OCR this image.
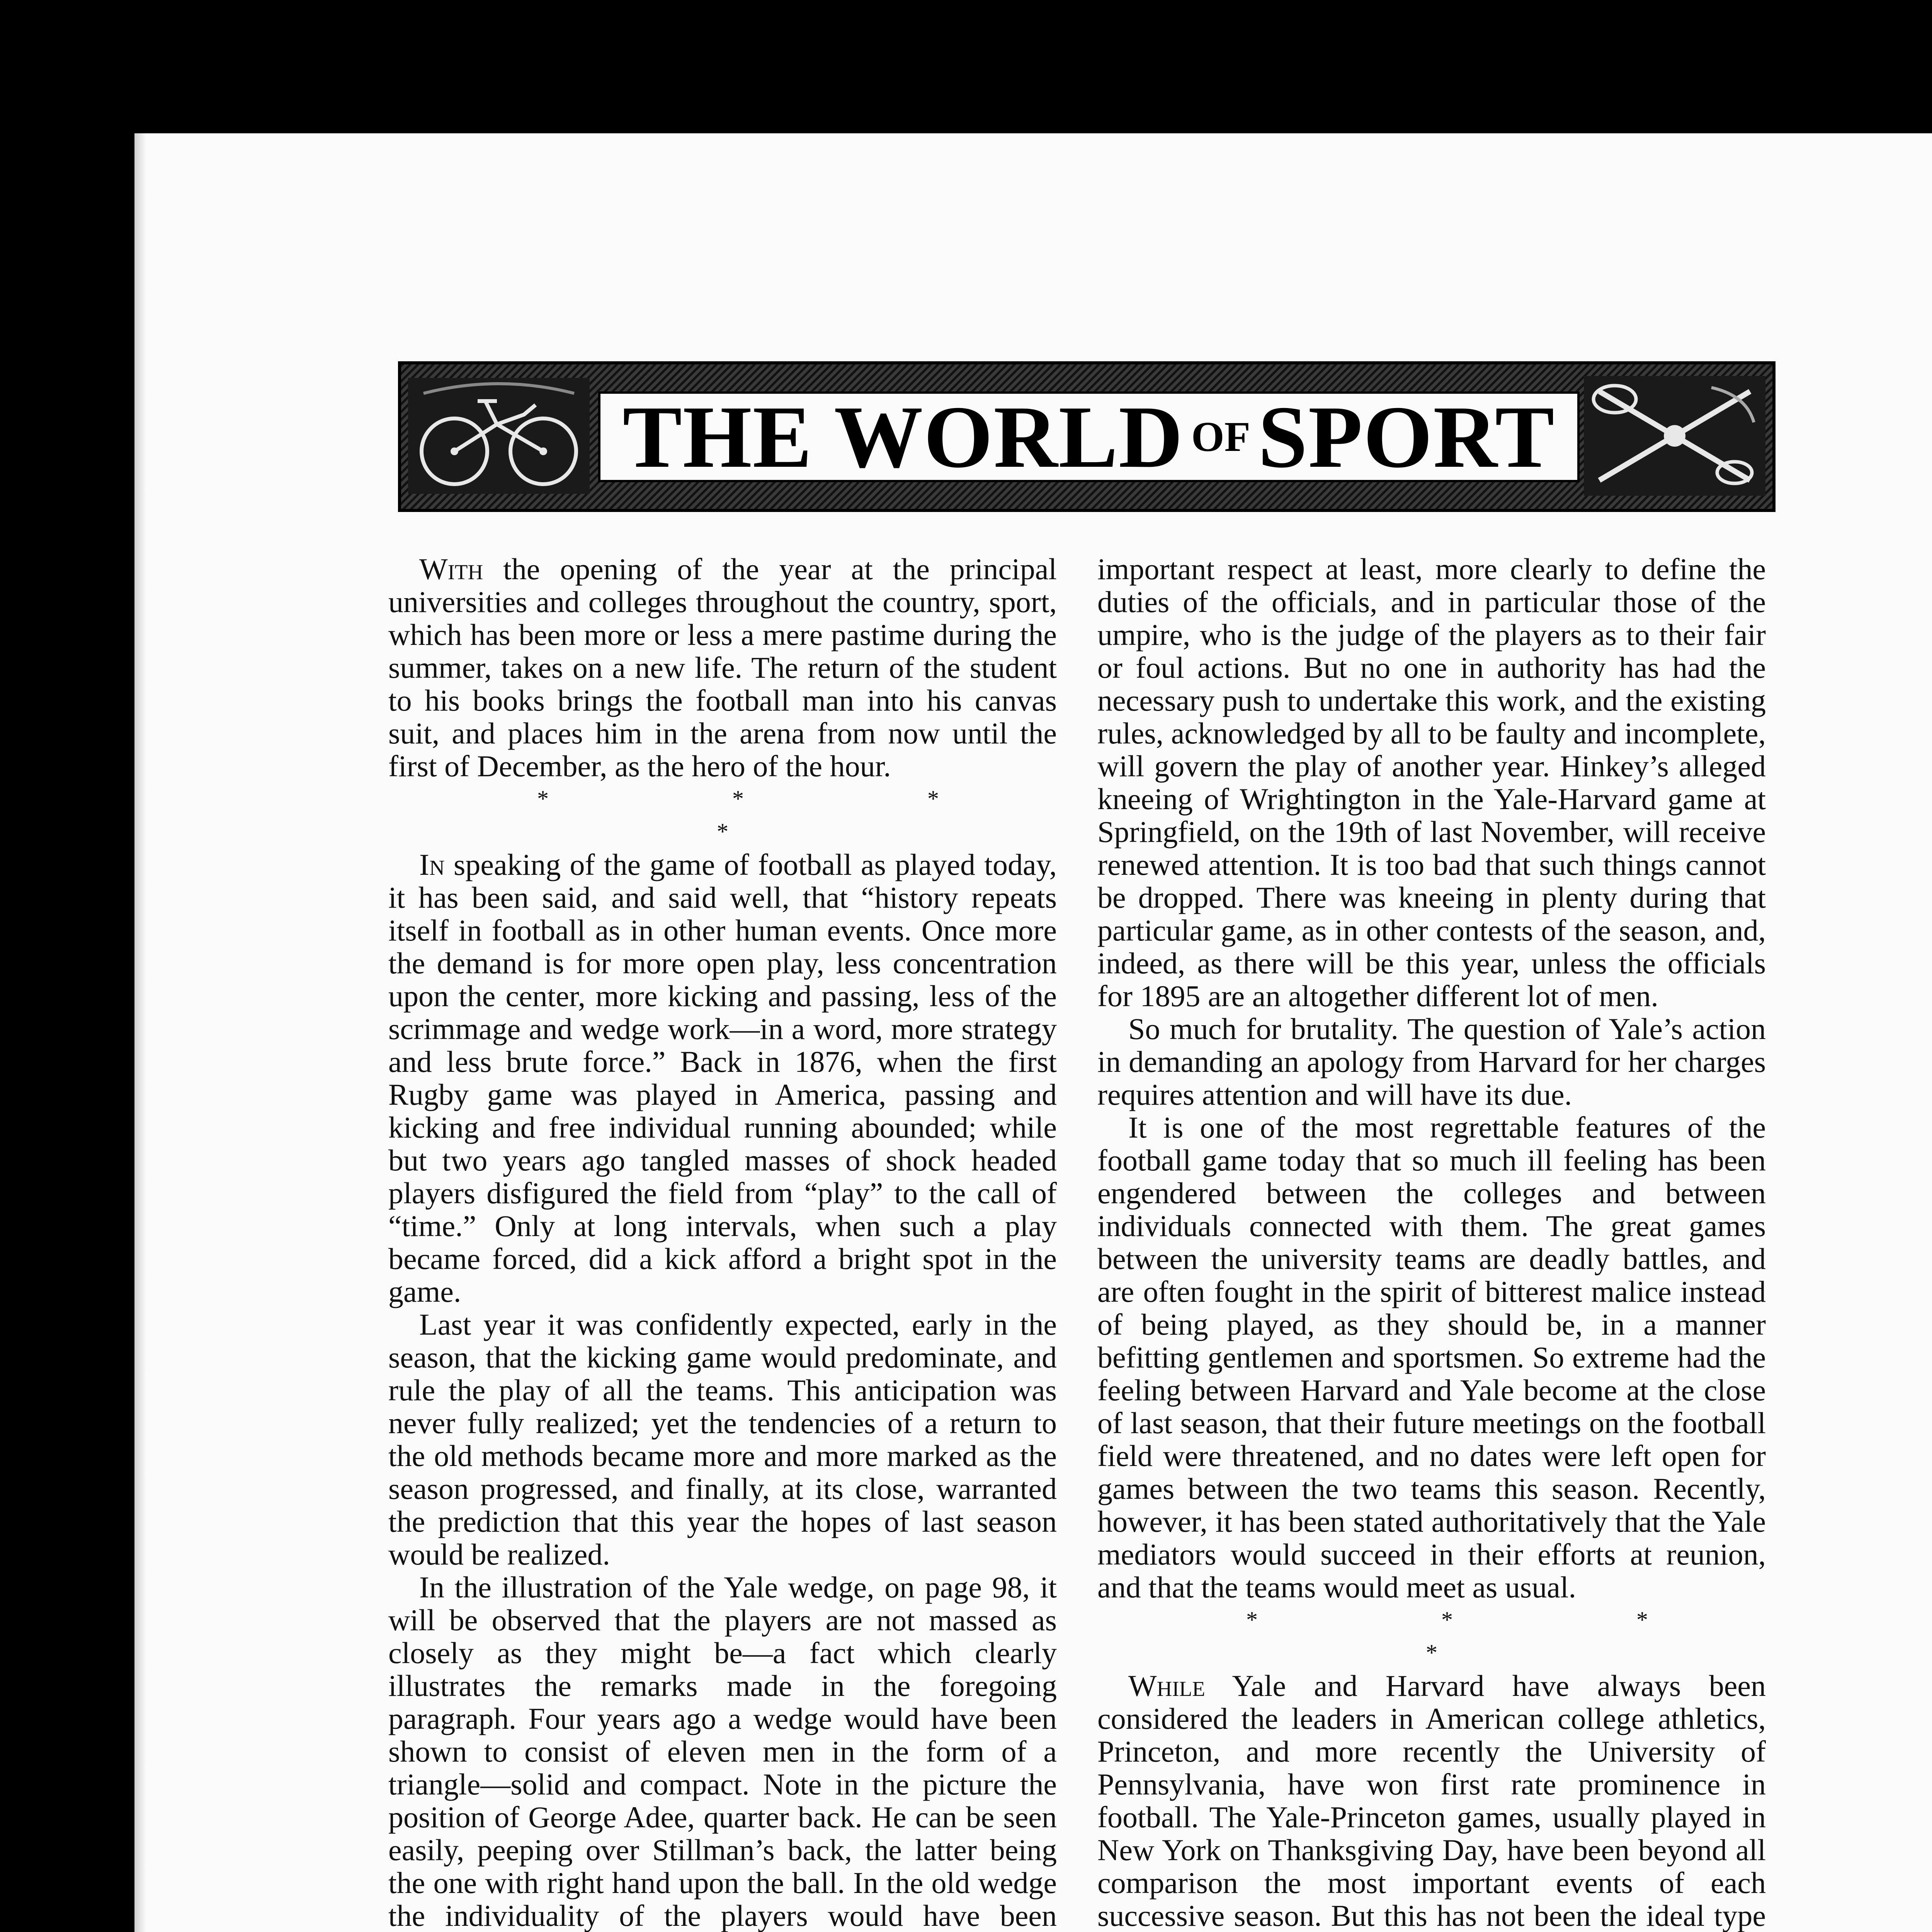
THE WORLD OF SPORT

With the opening of the year at the principal universities and colleges throughout the country, sport, which has been more or less a mere pastime during the summer, takes on a new life. The return of the student to his books brings the football man into his canvas suit, and places him in the arena from now until the first of December, as the hero of the hour.

* * * *

In speaking of the game of football as played today, it has been said, and said well, that “history repeats itself in football as in other human events. Once more the demand is for more open play, less concentration upon the center, more kicking and passing, less of the scrimmage and wedge work—in a word, more strategy and less brute force.” Back in 1876, when the first Rugby game was played in America, passing and kicking and free individual running abounded; while but two years ago tangled masses of shock headed players disfigured the field from “play” to the call of “time.” Only at long intervals, when such a play became forced, did a kick afford a bright spot in the game.

Last year it was confidently expected, early in the season, that the kicking game would predominate, and rule the play of all the teams. This anticipation was never fully realized; yet the tendencies of a return to the old methods became more and more marked as the season progressed, and finally, at its close, warranted the prediction that this year the hopes of last season would be realized.

In the illustration of the Yale wedge, on page 98, it will be observed that the players are not massed as closely as they might be—a fact which clearly illustrates the remarks made in the foregoing paragraph. Four years ago a wedge would have been shown to consist of eleven men in the form of a triangle—solid and compact. Note in the picture the position of George Adee, quarter back. He can be seen easily, peeping over Stillman’s back, the latter being the one with right hand upon the ball. In the old wedge the individuality of the players would have been

important respect at least, more clearly to define the duties of the officials, and in particular those of the umpire, who is the judge of the players as to their fair or foul actions. But no one in authority has had the necessary push to undertake this work, and the existing rules, acknowledged by all to be faulty and incomplete, will govern the play of another year. Hinkey’s alleged kneeing of Wrightington in the Yale-Harvard game at Springfield, on the 19th of last November, will receive renewed attention. It is too bad that such things cannot be dropped. There was kneeing in plenty during that particular game, as in other contests of the season, and, indeed, as there will be this year, unless the officials for 1895 are an altogether different lot of men.

So much for brutality. The question of Yale’s action in demanding an apology from Harvard for her charges requires attention and will have its due.

It is one of the most regrettable features of the football game today that so much ill feeling has been engendered between the colleges and between individuals connected with them. The great games between the university teams are deadly battles, and are often fought in the spirit of bitterest malice instead of being played, as they should be, in a manner befitting gentlemen and sportsmen. So extreme had the feeling between Harvard and Yale become at the close of last season, that their future meetings on the football field were threatened, and no dates were left open for games between the two teams this season. Recently, however, it has been stated authoritatively that the Yale mediators would succeed in their efforts at reunion, and that the teams would meet as usual.

* * * *

While Yale and Harvard have always been considered the leaders in American college athletics, Princeton, and more recently the University of Pennsylvania, have won first rate prominence in football. The Yale-Princeton games, usually played in New York on Thanksgiving Day, have been beyond all comparison the most important events of each successive season. But this has not been the ideal type
